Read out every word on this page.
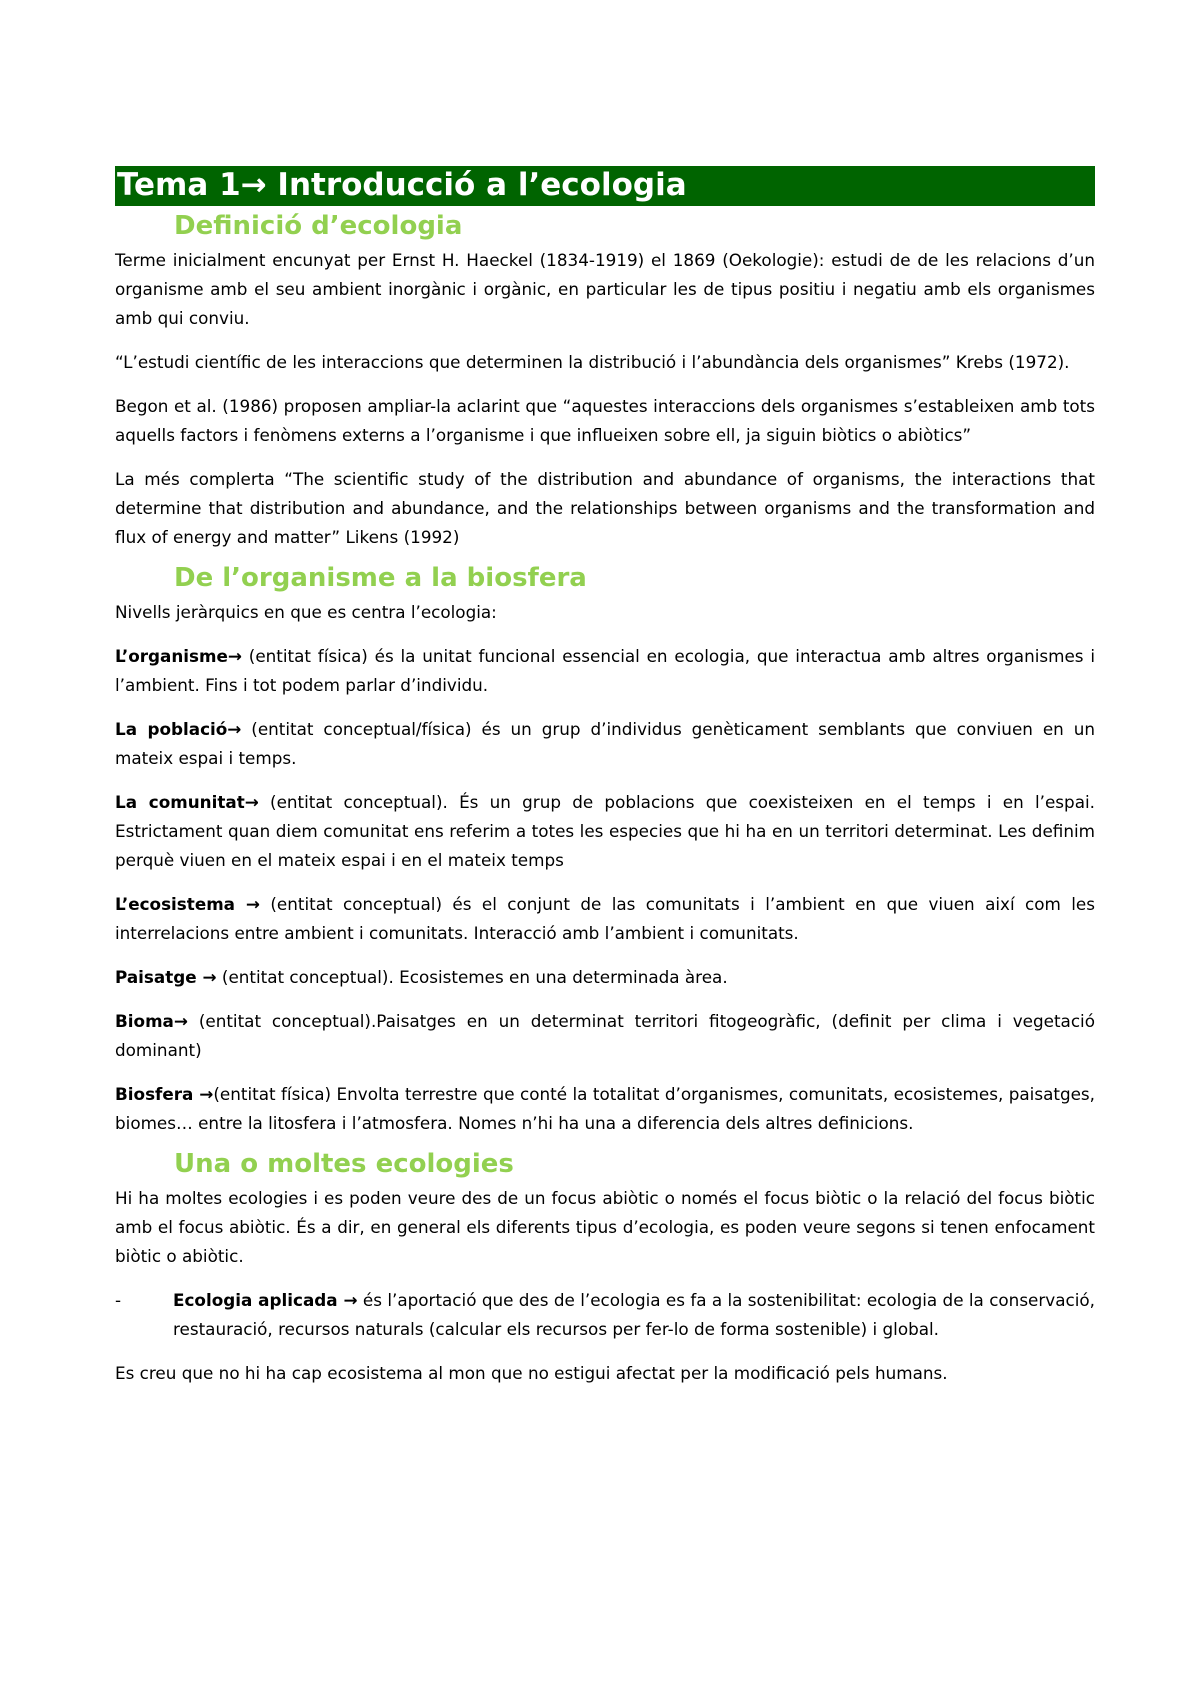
Tema 1→ Introducció a l’ecologia
Definició d’ecologia

Terme inicialment encunyat per Ernst H. Haeckel (1834-1919) el 1869 (Oekologie): estudi de de les relacions d’un organisme amb el seu ambient inorgànic i orgànic, en particular les de tipus positiu i negatiu amb els organismes amb qui conviu.

“L’estudi científic de les interaccions que determinen la distribució i l’abundància dels organismes” Krebs (1972).

Begon et al. (1986) proposen ampliar-la aclarint que “aquestes interaccions dels organismes s’estableixen amb tots aquells factors i fenòmens externs a l’organisme i que influeixen sobre ell, ja siguin biòtics o abiòtics”

La més complerta “The scientific study of the distribution and abundance of organisms, the interactions that determine that distribution and abundance, and the relationships between organisms and the transformation and flux of energy and matter” Likens (1992)

De l’organisme a la biosfera

Nivells jeràrquics en que es centra l’ecologia:

L’organisme→ (entitat física) és la unitat funcional essencial en ecologia, que interactua amb altres organismes i l’ambient. Fins i tot podem parlar d’individu.

La població→ (entitat conceptual/física) és un grup d’individus genèticament semblants que conviuen en un mateix espai i temps.

La comunitat→ (entitat conceptual). És un grup de poblacions que coexisteixen en el temps i en l’espai. Estrictament quan diem comunitat ens referim a totes les especies que hi ha en un territori determinat. Les definim perquè viuen en el mateix espai i en el mateix temps

L’ecosistema → (entitat conceptual) és el conjunt de las comunitats i l’ambient en que viuen així com les interrelacions entre ambient i comunitats. Interacció amb l’ambient i comunitats.

Paisatge → (entitat conceptual). Ecosistemes en una determinada àrea.

Bioma→ (entitat conceptual).Paisatges en un determinat territori fitogeogràfic, (definit per clima i vegetació dominant)

Biosfera →(entitat física) Envolta terrestre que conté la totalitat d’organismes, comunitats, ecosistemes, paisatges, biomes… entre la litosfera i l’atmosfera. Nomes n’hi ha una a diferencia dels altres definicions.

Una o moltes ecologies

Hi ha moltes ecologies i es poden veure des de un focus abiòtic o només el focus biòtic o la relació del focus biòtic amb el focus abiòtic. És a dir, en general els diferents tipus d’ecologia, es poden veure segons si tenen enfocament biòtic o abiòtic.

-	Ecologia aplicada → és l’aportació que des de l’ecologia es fa a la sostenibilitat: ecologia de la conservació, restauració, recursos naturals (calcular els recursos per fer-lo de forma sostenible) i global.

Es creu que no hi ha cap ecosistema al mon que no estigui afectat per la modificació pels humans.
